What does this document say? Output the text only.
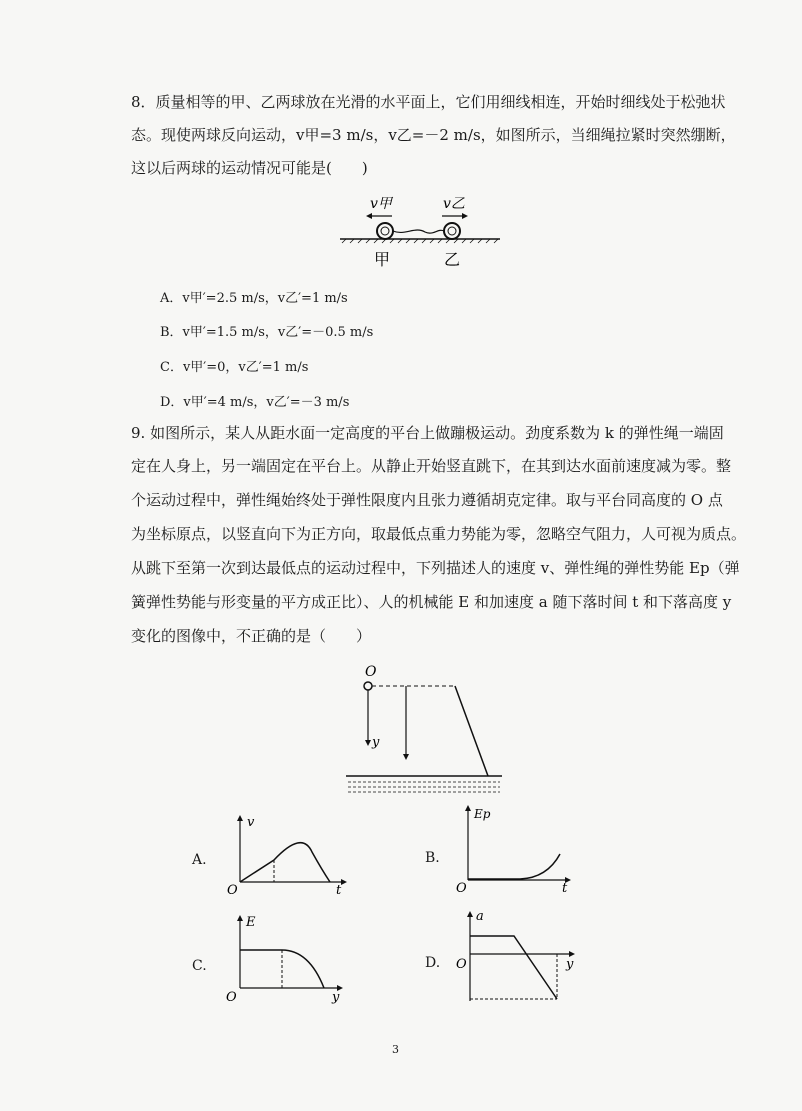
8．质量相等的甲、乙两球放在光滑的水平面上，它们用细线相连，开始时细线处于松弛状
态。现使两球反向运动，v甲=3 m/s，v乙=－2 m/s，如图所示，当细绳拉紧时突然绷断，
这以后两球的运动情况可能是(　　)
v甲	v乙
甲	乙
A．v甲′=2.5 m/s，v乙′=1 m/s
B．v甲′=1.5 m/s，v乙′=－0.5 m/s
C．v甲′=0，v乙′=1 m/s
D．v甲′=4 m/s，v乙′=－3 m/s
9. 如图所示，某人从距水面一定高度的平台上做蹦极运动。劲度系数为 k 的弹性绳一端固
定在人身上，另一端固定在平台上。从静止开始竖直跳下，在其到达水面前速度减为零。整
个运动过程中，弹性绳始终处于弹性限度内且张力遵循胡克定律。取与平台同高度的 O 点
为坐标原点，以竖直向下为正方向，取最低点重力势能为零，忽略空气阻力，人可视为质点。
从跳下至第一次到达最低点的运动过程中，下列描述人的速度 v、弹性绳的弹性势能 Ep（弹
簧弹性势能与形变量的平方成正比）、人的机械能 E 和加速度 a 随下落时间 t 和下落高度 y
变化的图像中，不正确的是（　　）
O
y
A.
v
t
O
B.
Ep
t
O
C.
E
y
O
D.
a
y
O
3
